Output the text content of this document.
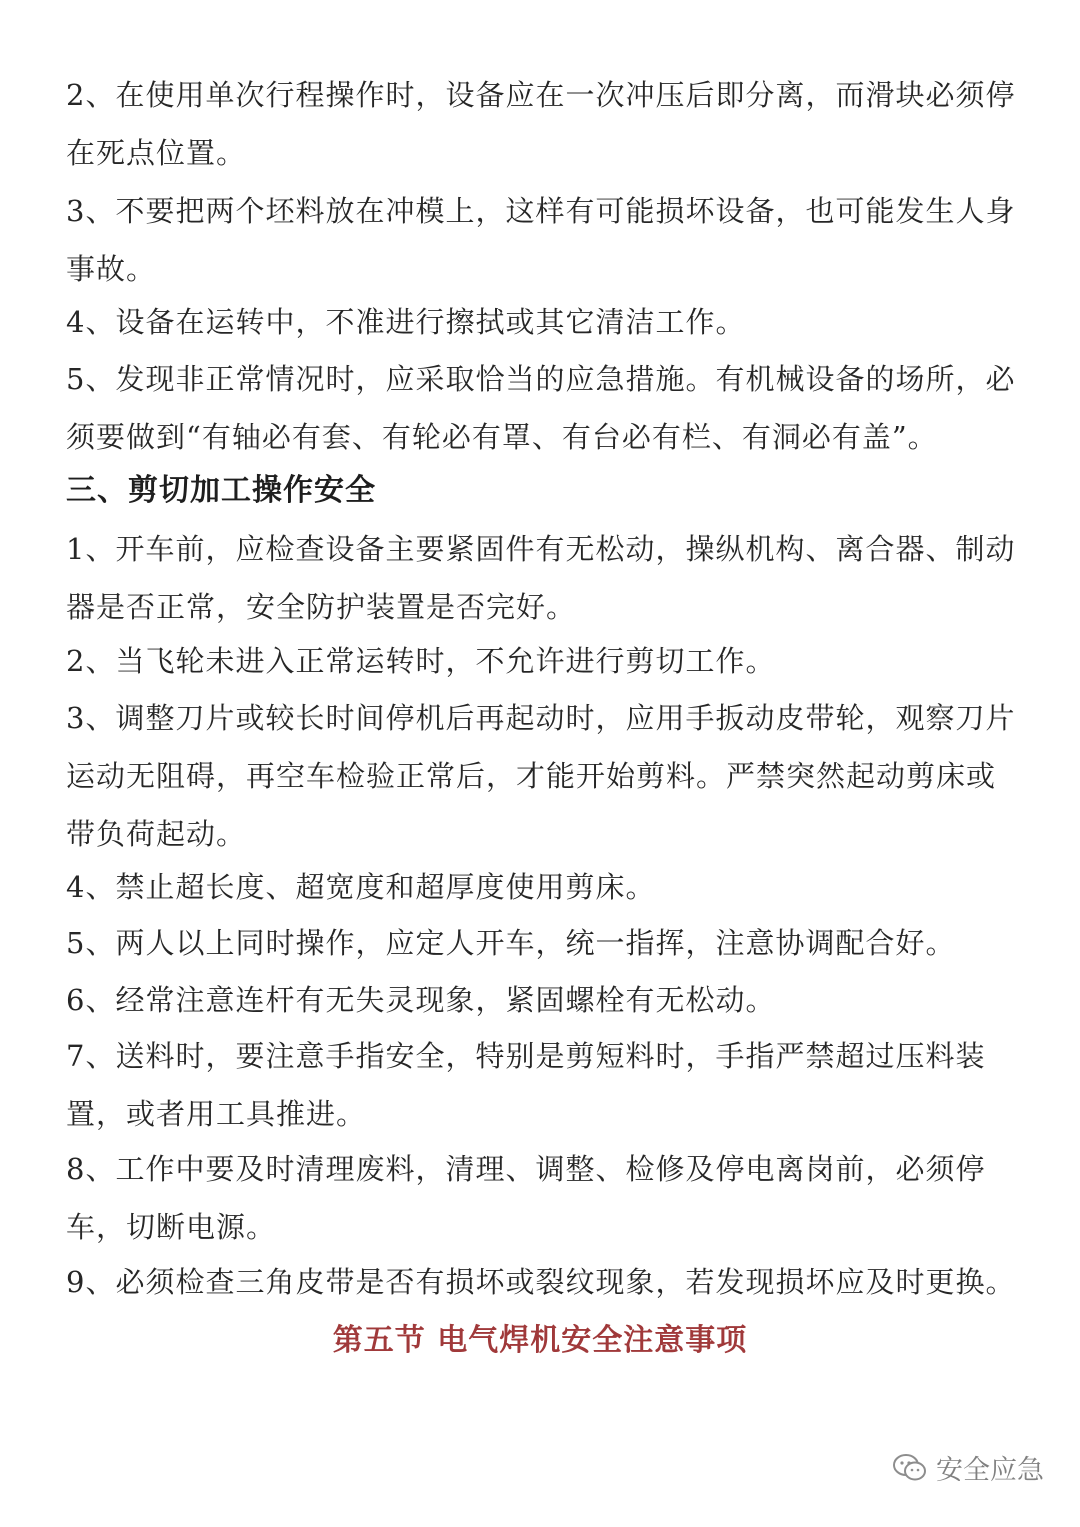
2、在使用单次行程操作时，设备应在一次冲压后即分离，而滑块必须停在死点位置。

3、不要把两个坯料放在冲模上，这样有可能损坏设备，也可能发生人身事故。

4、设备在运转中，不准进行擦拭或其它清洁工作。

5、发现非正常情况时，应采取恰当的应急措施。有机械设备的场所，必须要做到“有轴必有套、有轮必有罩、有台必有栏、有洞必有盖”。

三、剪切加工操作安全

1、开车前，应检查设备主要紧固件有无松动，操纵机构、离合器、制动器是否正常，安全防护装置是否完好。

2、当飞轮未进入正常运转时，不允许进行剪切工作。

3、调整刀片或较长时间停机后再起动时，应用手扳动皮带轮，观察刀片运动无阻碍，再空车检验正常后，才能开始剪料。严禁突然起动剪床或带负荷起动。

4、禁止超长度、超宽度和超厚度使用剪床。

5、两人以上同时操作，应定人开车，统一指挥，注意协调配合好。

6、经常注意连杆有无失灵现象，紧固螺栓有无松动。

7、送料时，要注意手指安全，特别是剪短料时，手指严禁超过压料装置，或者用工具推进。

8、工作中要及时清理废料，清理、调整、检修及停电离岗前，必须停车，切断电源。

9、必须检查三角皮带是否有损坏或裂纹现象，若发现损坏应及时更换。

第五节 电气焊机安全注意事项
安全应急
